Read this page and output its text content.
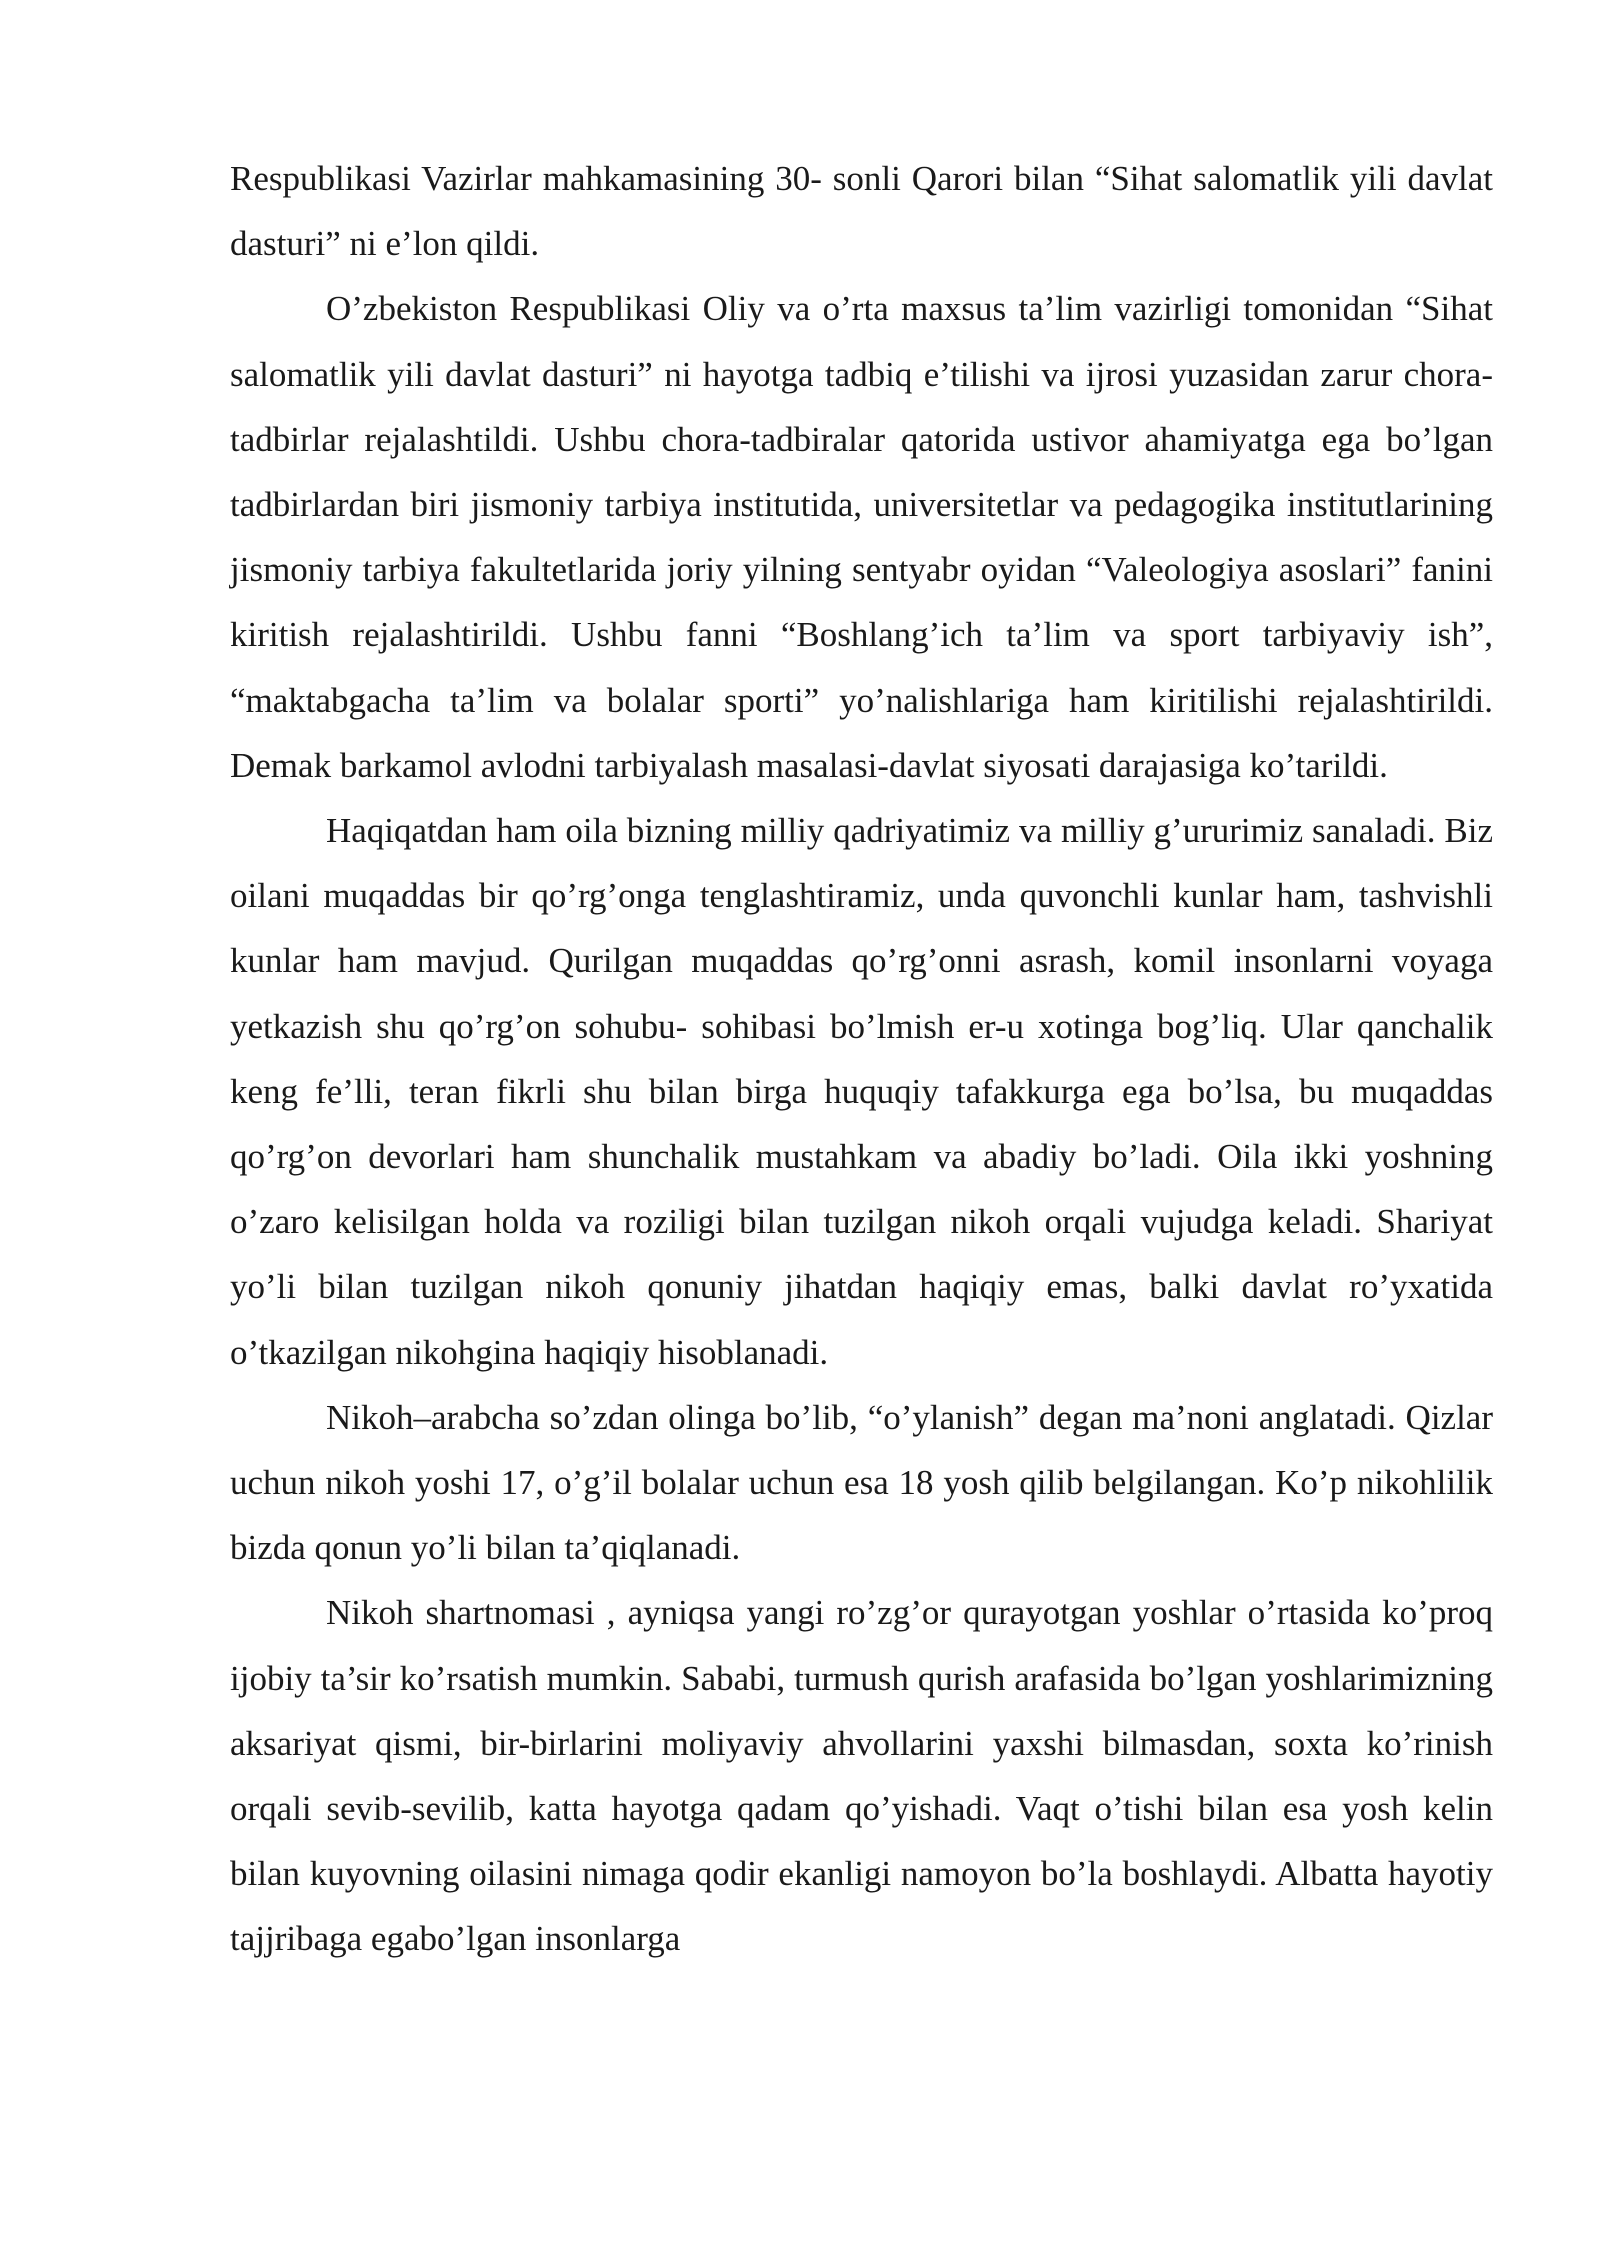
Respublikasi Vazirlar mahkamasining 30- sonli Qarori bilan “Sihat salomatlik yili davlat dasturi” ni e’lon qildi.

O’zbekiston Respublikasi Oliy va o’rta maxsus ta’lim vazirligi tomonidan “Sihat salomatlik yili davlat dasturi” ni hayotga tadbiq e’tilishi va ijrosi yuzasidan zarur chora-tadbirlar rejalashtildi. Ushbu chora-tadbiralar qatorida ustivor ahamiyatga ega bo’lgan tadbirlardan biri jismoniy tarbiya institutida, universitetlar va pedagogika institutlarining jismoniy tarbiya fakultetlarida joriy yilning sentyabr oyidan “Valeologiya asoslari” fanini kiritish rejalashtirildi. Ushbu fanni “Boshlang’ich ta’lim va sport tarbiyaviy ish”, “maktabgacha ta’lim va bolalar sporti” yo’nalishlariga ham kiritilishi rejalashtirildi. Demak barkamol avlodni tarbiyalash masalasi-davlat siyosati darajasiga ko’tarildi.

Haqiqatdan ham oila bizning milliy qadriyatimiz va milliy g’ururimiz sanaladi. Biz oilani muqaddas bir qo’rg’onga tenglashtiramiz, unda quvonchli kunlar ham, tashvishli kunlar ham mavjud. Qurilgan muqaddas qo’rg’onni asrash, komil insonlarni voyaga yetkazish shu qo’rg’on sohubu- sohibasi bo’lmish er-u xotinga bog’liq. Ular qanchalik keng fe’lli, teran fikrli shu bilan birga huquqiy tafakkurga ega bo’lsa, bu muqaddas qo’rg’on devorlari ham shunchalik mustahkam va abadiy bo’ladi. Oila ikki yoshning o’zaro kelisilgan holda va roziligi bilan tuzilgan nikoh orqali vujudga keladi. Shariyat yo’li bilan tuzilgan nikoh qonuniy jihatdan haqiqiy emas, balki davlat ro’yxatida o’tkazilgan nikohgina haqiqiy hisoblanadi.

Nikoh–arabcha so’zdan olinga bo’lib, “o’ylanish” degan ma’noni anglatadi. Qizlar uchun nikoh yoshi 17, o’g’il bolalar uchun esa 18 yosh qilib belgilangan. Ko’p nikohlilik bizda qonun yo’li bilan ta’qiqlanadi.

Nikoh shartnomasi , ayniqsa yangi ro’zg’or qurayotgan yoshlar o’rtasida ko’proq ijobiy ta’sir ko’rsatish mumkin. Sababi, turmush qurish arafasida bo’lgan yoshlarimizning aksariyat qismi, bir-birlarini moliyaviy ahvollarini yaxshi bilmasdan, soxta ko’rinish orqali sevib-sevilib, katta hayotga qadam qo’yishadi. Vaqt o’tishi bilan esa yosh kelin bilan kuyovning oilasini nimaga qodir ekanligi namoyon bo’la boshlaydi. Albatta hayotiy tajjribaga egabo’lgan insonlarga
